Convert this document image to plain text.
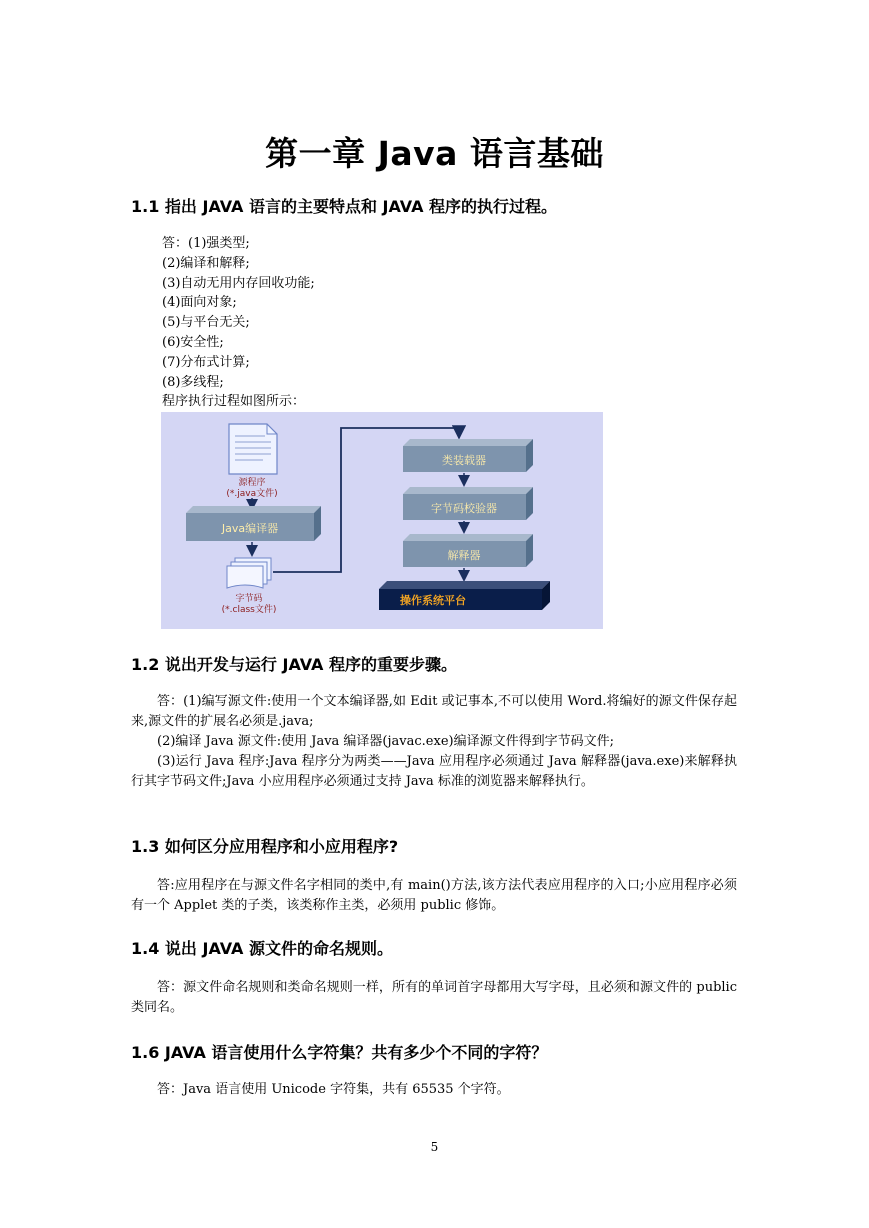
第一章 Java 语言基础
1.1 指出 JAVA 语言的主要特点和 JAVA 程序的执行过程。
答：(1)强类型;
(2)编译和解释;
(3)自动无用内存回收功能;
(4)面向对象;
(5)与平台无关;
(6)安全性;
(7)分布式计算;
(8)多线程;
程序执行过程如图所示：
源程序
(*.java文件)
Java编译器
字节码
(*.class文件)
类装载器
字节码校验器
解释器
操作系统平台
1.2 说出开发与运行 JAVA 程序的重要步骤。

答：(1)编写源文件:使用一个文本编译器,如 Edit 或记事本,不可以使用 Word.将编好的源文件保存起来,源文件的扩展名必须是.java;

(2)编译 Java 源文件:使用 Java 编译器(javac.exe)编译源文件得到字节码文件;

(3)运行 Java 程序:Java 程序分为两类——Java 应用程序必须通过 Java 解释器(java.exe)来解释执行其字节码文件;Java 小应用程序必须通过支持 Java 标准的浏览器来解释执行。

1.3 如何区分应用程序和小应用程序?

答:应用程序在与源文件名字相同的类中,有 main()方法,该方法代表应用程序的入口;小应用程序必须有一个 Applet 类的子类，该类称作主类，必须用 public 修饰。

1.4 说出 JAVA 源文件的命名规则。

答：源文件命名规则和类命名规则一样，所有的单词首字母都用大写字母，且必须和源文件的 public 类同名。

1.6 JAVA 语言使用什么字符集？共有多少个不同的字符？

答：Java 语言使用 Unicode 字符集，共有 65535 个字符。

5
